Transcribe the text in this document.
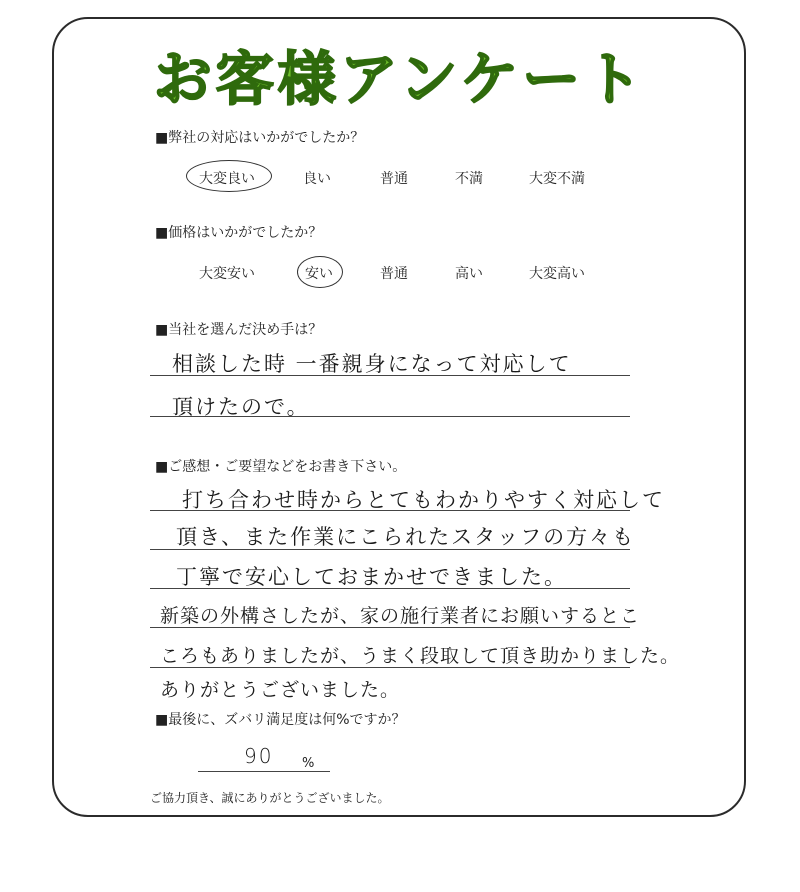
お客様アンケート
■弊社の対応はいかがでしたか？
大変良い	良い	普通	不満	大変不満
■価格はいかがでしたか？
大変安い	安い	普通	高い	大変高い
■当社を選んだ決め手は？
相談した時 一番親身になって対応して
頂けたので。
■ご感想・ご要望などをお書き下さい。
打ち合わせ時からとてもわかりやすく対応して
頂き、また作業にこられたスタッフの方々も
丁寧で安心しておまかせできました。
新築の外構さしたが、家の施行業者にお願いするとこ
ころもありましたが、うまく段取して頂き助かりました。
ありがとうございました。
■最後に、ズバリ満足度は何%ですか？
90 %
ご協力頂き、誠にありがとうございました。
